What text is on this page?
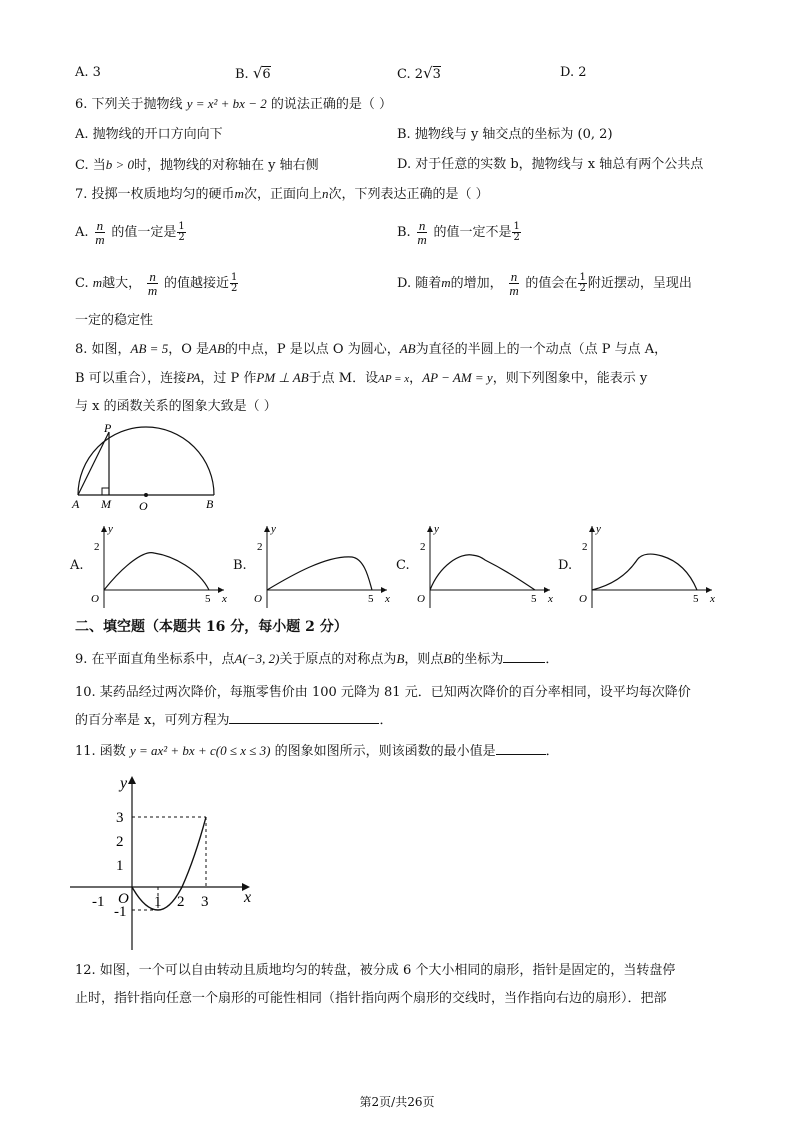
A. 3	B. √6	C. 2√3	D. 2
6. 下列关于抛物线 y = x² + bx − 2 的说法正确的是（ ）
A. 抛物线的开口方向向下	B. 抛物线与 y 轴交点的坐标为 (0, 2)
C. 当b > 0时，抛物线的对称轴在 y 轴右侧	D. 对于任意的实数 b，抛物线与 x 轴总有两个公共点
7. 投掷一枚质地均匀的硬币m次，正面向上n次，下列表达正确的是（ ）
A. $\frac{n}{m}$ 的值一定是 $\frac{1}{2}$	B. $\frac{n}{m}$ 的值一定不是 $\frac{1}{2}$
C. m越大， $\frac{n}{m}$ 的值越接近 $\frac{1}{2}$	D. 随着m的增加， $\frac{n}{m}$ 的值会在 $\frac{1}{2}$ 附近摆动，呈现出
一定的稳定性
8. 如图，AB = 5，O 是AB的中点，P 是以点 O 为圆心，AB为直径的半圆上的一个动点（点 P 与点 A，
B 可以重合），连接PA，过 P 作PM ⊥ AB于点 M．设AP = x，AP − AM = y，则下列图象中，能表示 y
与 x 的函数关系的图象大致是（ ）
P
A M O	B
A.
y
x
O
2
5
B.
y
x
O
2
5
C.
y
x
O
2
5
D.
y
x
O
2
5
二、填空题（本题共 16 分，每小题 2 分）
9. 在平面直角坐标系中，点A(−3, 2)关于原点的对称点为B，则点B的坐标为	．
10. 某药品经过两次降价，每瓶零售价由 100 元降为 81 元．已知两次降价的百分率相同，设平均每次降价
的百分率是 x，可列方程为	．
11. 函数 y = ax² + bx + c(0 ≤ x ≤ 3) 的图象如图所示，则该函数的最小值是	．
y
x
O
3
2
1
-1
-1	1 2 3
12. 如图，一个可以自由转动且质地均匀的转盘，被分成 6 个大小相同的扇形，指针是固定的，当转盘停
止时，指针指向任意一个扇形的可能性相同（指针指向两个扇形的交线时，当作指向右边的扇形）．把部
第2页/共26页
